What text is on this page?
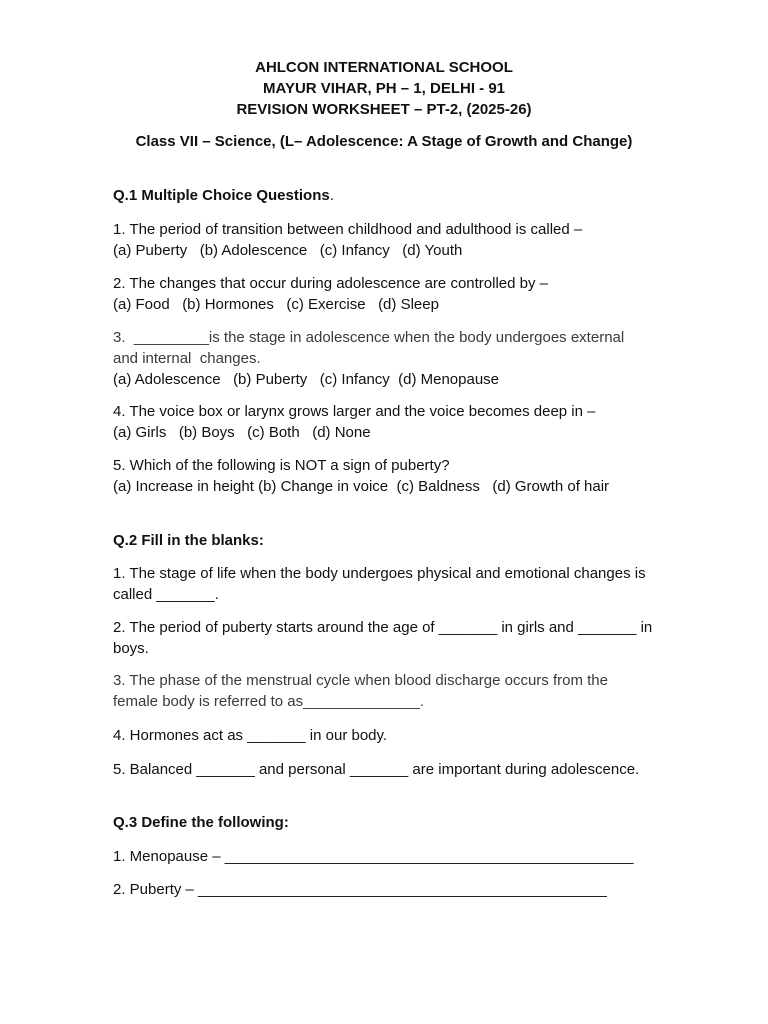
AHLCON INTERNATIONAL SCHOOL
MAYUR VIHAR, PH – 1, DELHI - 91
REVISION WORKSHEET – PT-2, (2025-26)
Class VII – Science, (L– Adolescence: A Stage of Growth and Change)
Q.1 Multiple Choice Questions.
1. The period of transition between childhood and adulthood is called –
(a) Puberty   (b) Adolescence   (c) Infancy   (d) Youth
2. The changes that occur during adolescence are controlled by –
(a) Food   (b) Hormones   (c) Exercise   (d) Sleep
3.  _________is the stage in adolescence when the body undergoes external
and internal  changes.
(a) Adolescence   (b) Puberty   (c) Infancy  (d) Menopause
4. The voice box or larynx grows larger and the voice becomes deep in –
(a) Girls   (b) Boys   (c) Both   (d) None
5. Which of the following is NOT a sign of puberty?
(a) Increase in height (b) Change in voice  (c) Baldness   (d) Growth of hair
Q.2 Fill in the blanks:
1. The stage of life when the body undergoes physical and emotional changes is
called _______.
2. The period of puberty starts around the age of _______ in girls and _______ in
boys.
3. The phase of the menstrual cycle when blood discharge occurs from the
female body is referred to as______________.
4. Hormones act as _______ in our body.
5. Balanced _______ and personal _______ are important during adolescence.
Q.3 Define the following:
1. Menopause – _________________________________________________
2. Puberty – _________________________________________________
